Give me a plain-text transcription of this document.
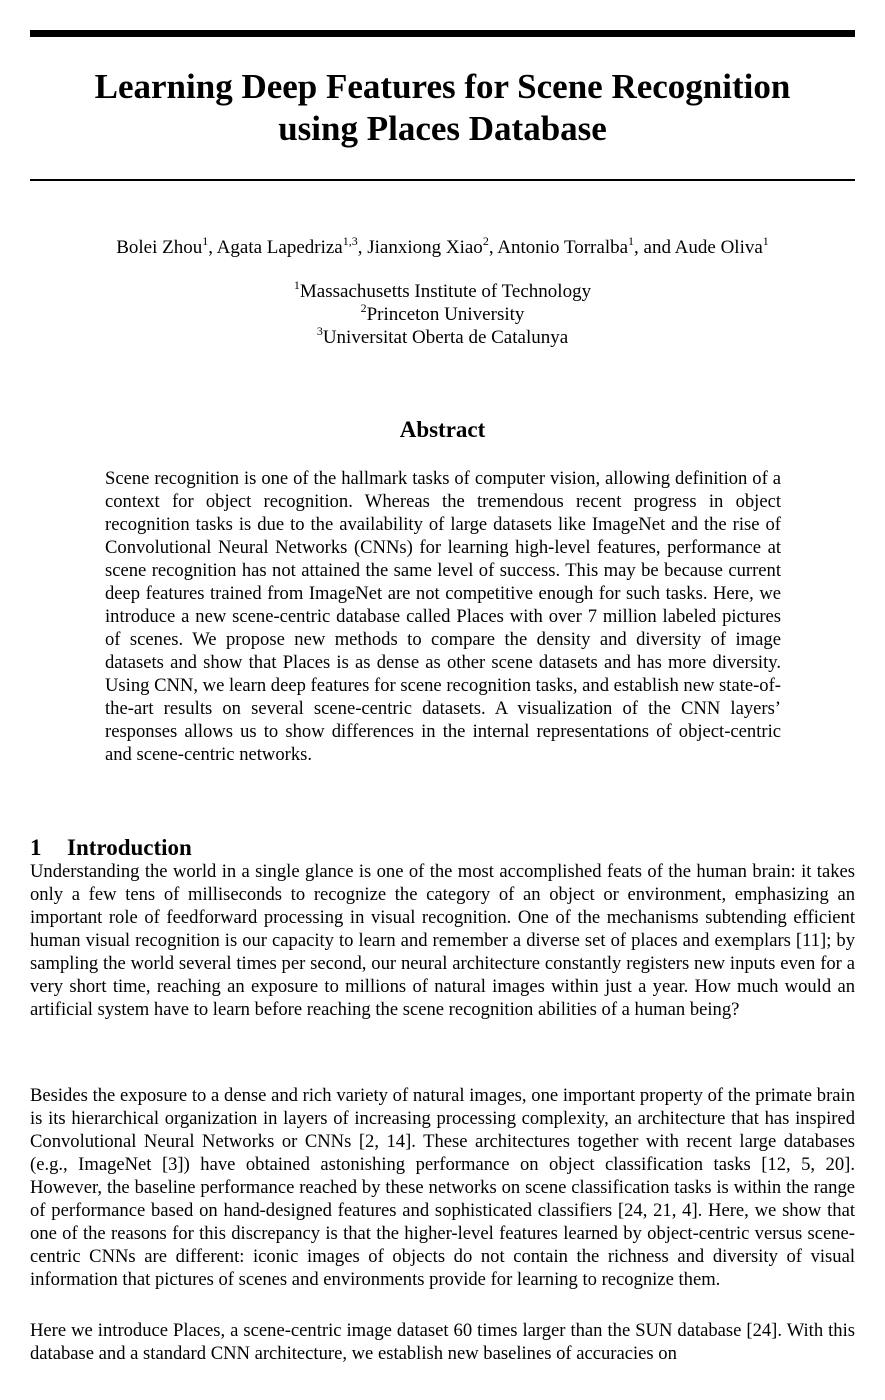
Learning Deep Features for Scene Recognition
using Places Database
Bolei Zhou$^1$, Agata Lapedriza$^{1,3}$, Jianxiong Xiao$^2$, Antonio Torralba$^1$, and Aude Oliva$^1$
$^1$Massachusetts Institute of Technology
$^2$Princeton University
$^3$Universitat Oberta de Catalunya
Abstract

Scene recognition is one of the hallmark tasks of computer vision, allowing definition of a context for object recognition. Whereas the tremendous recent progress in object recognition tasks is due to the availability of large datasets like ImageNet and the rise of Convolutional Neural Networks (CNNs) for learning high-level features, performance at scene recognition has not attained the same level of success. This may be because current deep features trained from ImageNet are not competitive enough for such tasks. Here, we introduce a new scene-centric database called Places with over 7 million labeled pictures of scenes. We propose new methods to compare the density and diversity of image datasets and show that Places is as dense as other scene datasets and has more diversity. Using CNN, we learn deep features for scene recognition tasks, and establish new state-of-the-art results on several scene-centric datasets. A visualization of the CNN layers’ responses allows us to show differences in the internal representations of object-centric and scene-centric networks.

1 Introduction

Understanding the world in a single glance is one of the most accomplished feats of the human brain: it takes only a few tens of milliseconds to recognize the category of an object or environment, emphasizing an important role of feedforward processing in visual recognition. One of the mechanisms subtending efficient human visual recognition is our capacity to learn and remember a diverse set of places and exemplars [11]; by sampling the world several times per second, our neural architecture constantly registers new inputs even for a very short time, reaching an exposure to millions of natural images within just a year. How much would an artificial system have to learn before reaching the scene recognition abilities of a human being?

Besides the exposure to a dense and rich variety of natural images, one important property of the primate brain is its hierarchical organization in layers of increasing processing complexity, an architecture that has inspired Convolutional Neural Networks or CNNs [2, 14]. These architectures together with recent large databases (e.g., ImageNet [3]) have obtained astonishing performance on object classification tasks [12, 5, 20]. However, the baseline performance reached by these networks on scene classification tasks is within the range of performance based on hand-designed features and sophisticated classifiers [24, 21, 4]. Here, we show that one of the reasons for this discrepancy is that the higher-level features learned by object-centric versus scene-centric CNNs are different: iconic images of objects do not contain the richness and diversity of visual information that pictures of scenes and environments provide for learning to recognize them.

Here we introduce Places, a scene-centric image dataset 60 times larger than the SUN database [24]. With this database and a standard CNN architecture, we establish new baselines of accuracies on
